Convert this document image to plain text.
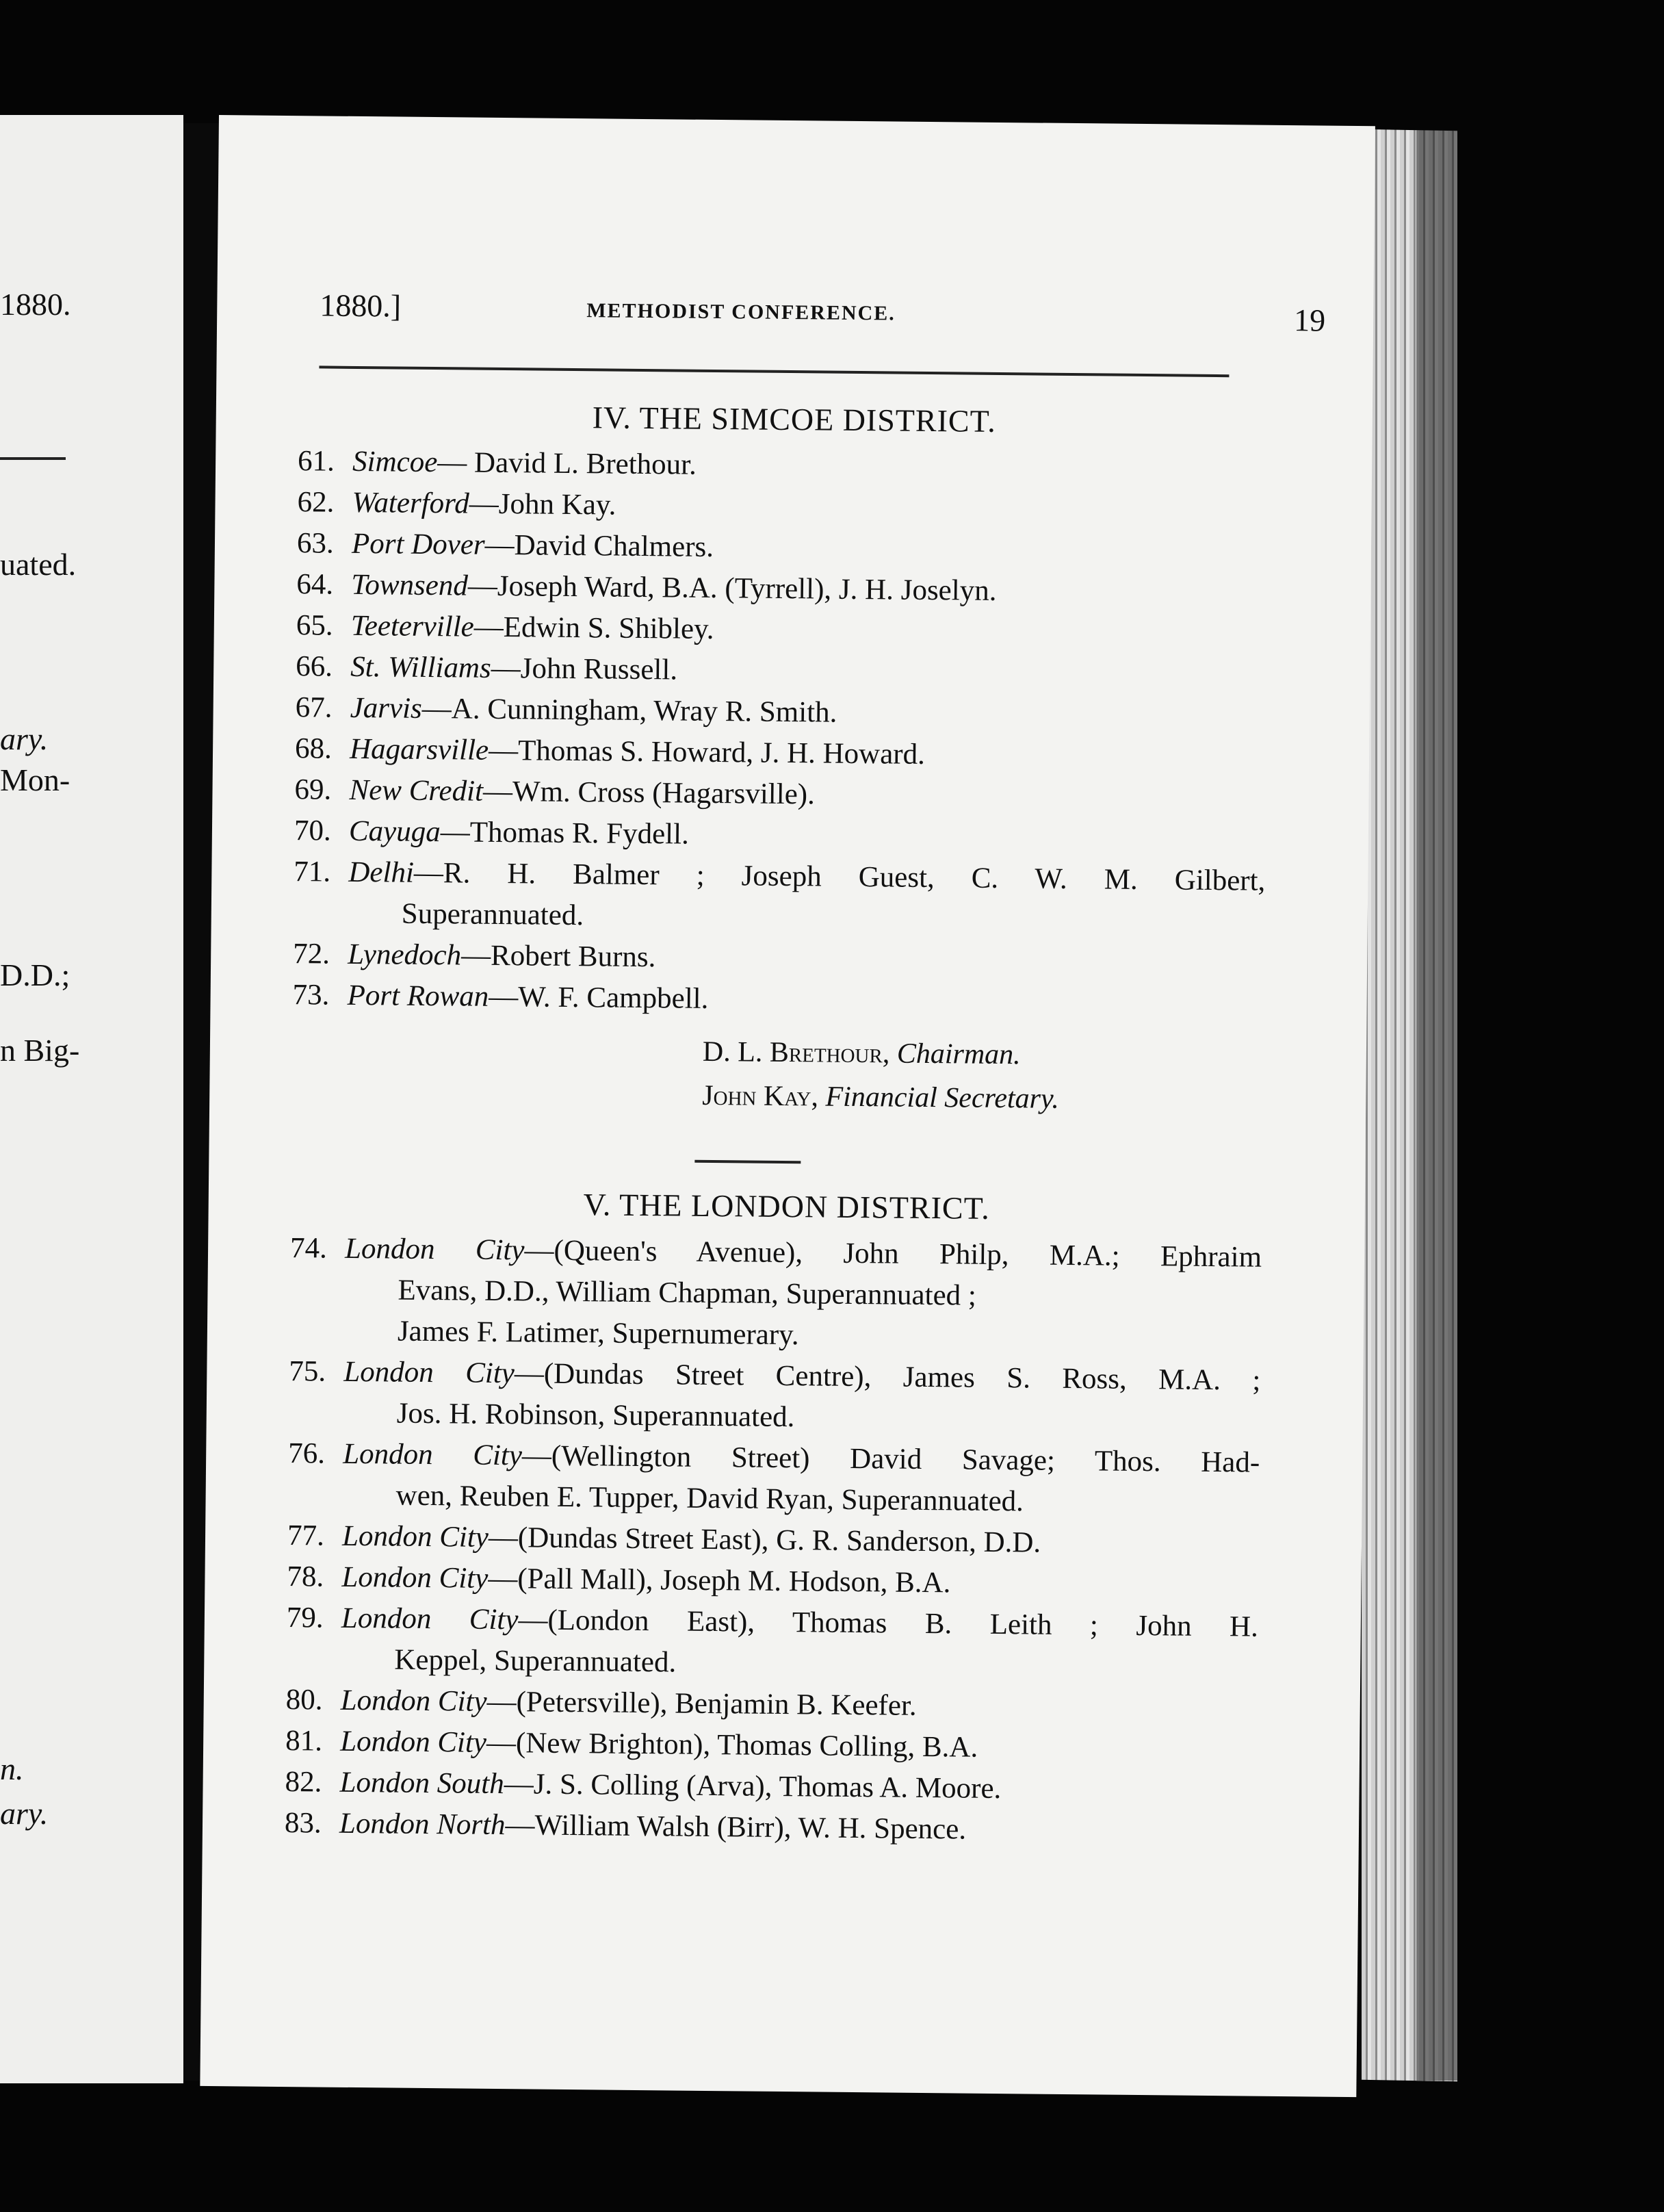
1880.
uated.
ary.
Mon-
D.D.;
n Big-
n.
ary.
1880.]	METHODIST CONFERENCE.	19
IV. THE SIMCOE DISTRICT.
61. Simcoe— David L. Brethour.
62. Waterford—John Kay.
63. Port Dover—David Chalmers.
64. Townsend—Joseph Ward, B.A. (Tyrrell), J. H. Joselyn.
65. Teeterville—Edwin S. Shibley.
66. St. Williams—John Russell.
67. Jarvis—A. Cunningham, Wray R. Smith.
68. Hagarsville—Thomas S. Howard, J. H. Howard.
69. New Credit—Wm. Cross (Hagarsville).
70. Cayuga—Thomas R. Fydell.
71. Delhi—R. H. Balmer ; Joseph Guest, C. W. M. Gilbert,
Superannuated.
72. Lynedoch—Robert Burns.
73. Port Rowan—W. F. Campbell.
D. L. Brethour, Chairman.
John Kay, Financial Secretary.
V. THE LONDON DISTRICT.
74. London City—(Queen's Avenue), John Philp, M.A.; Ephraim
Evans, D.D., William Chapman, Superannuated ;
James F. Latimer, Supernumerary.
75. London City—(Dundas Street Centre), James S. Ross, M.A. ;
Jos. H. Robinson, Superannuated.
76. London City—(Wellington Street) David Savage; Thos. Had-
wen, Reuben E. Tupper, David Ryan, Superannuated.
77. London City—(Dundas Street East), G. R. Sanderson, D.D.
78. London City—(Pall Mall), Joseph M. Hodson, B.A.
79. London City—(London East), Thomas B. Leith ; John H.
Keppel, Superannuated.
80. London City—(Petersville), Benjamin B. Keefer.
81. London City—(New Brighton), Thomas Colling, B.A.
82. London South—J. S. Colling (Arva), Thomas A. Moore.
83. London North—William Walsh (Birr), W. H. Spence.
